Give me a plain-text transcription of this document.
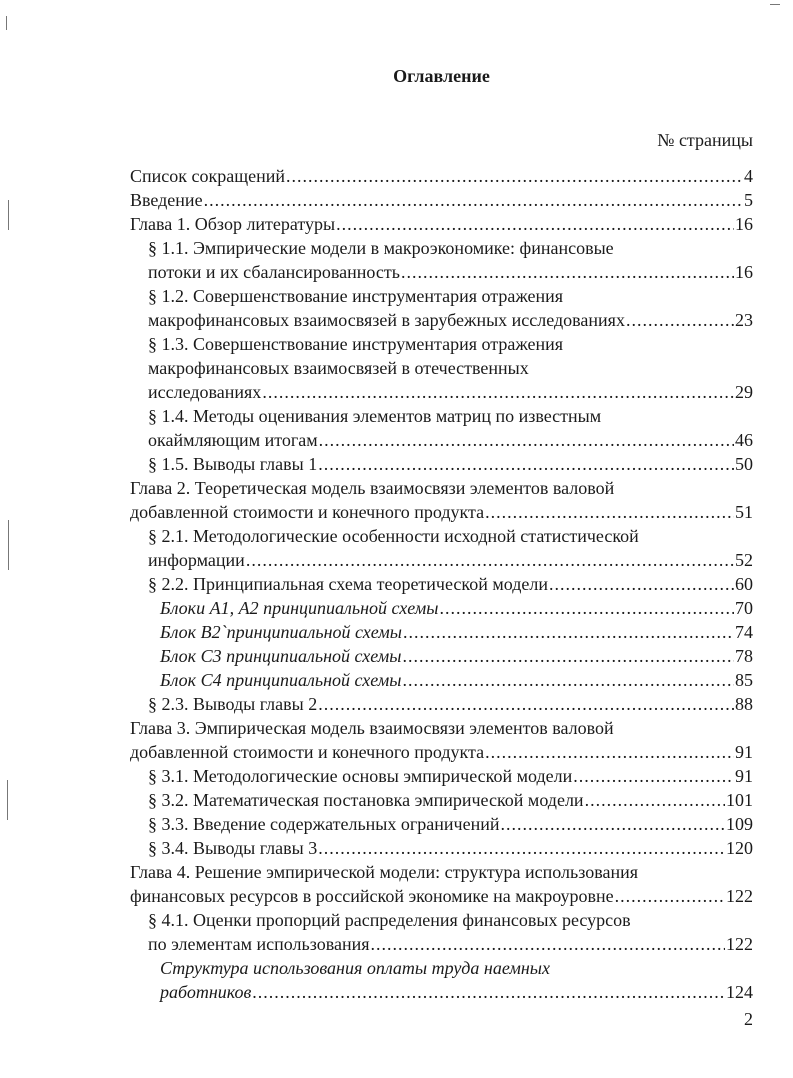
Оглавление
№ страницы
Список сокращений .....	4
Введение .....	5
Глава 1. Обзор литературы .....	16
§ 1.1. Эмпирические модели в макроэкономике: финансовые
потоки и их сбалансированность .....	16
§ 1.2. Совершенствование инструментария отражения
макрофинансовых взаимосвязей в зарубежных исследованиях .....	23
§ 1.3. Совершенствование инструментария отражения
макрофинансовых взаимосвязей в отечественных
исследованиях .....	29
§ 1.4. Методы оценивания элементов матриц по известным
окаймляющим итогам .....	46
§ 1.5. Выводы главы 1 .....	50
Глава 2. Теоретическая модель взаимосвязи элементов валовой
добавленной стоимости и конечного продукта .....	51
§ 2.1. Методологические особенности исходной статистической
информации .....	52
§ 2.2. Принципиальная схема теоретической модели .....	60
Блоки А1, А2 принципиальной схемы .....	70
Блок В2`принципиальной схемы .....	74
Блок С3 принципиальной схемы .....	78
Блок С4 принципиальной схемы .....	85
§ 2.3. Выводы главы 2 .....	88
Глава 3. Эмпирическая модель взаимосвязи элементов валовой
добавленной стоимости и конечного продукта .....	91
§ 3.1. Методологические основы эмпирической модели .....	91
§ 3.2. Математическая постановка эмпирической модели .....	101
§ 3.3. Введение содержательных ограничений .....	109
§ 3.4. Выводы главы 3 .....	120
Глава 4. Решение эмпирической модели: структура использования
финансовых ресурсов в российской экономике на макроуровне .....	122
§ 4.1. Оценки пропорций распределения финансовых ресурсов
по элементам использования .....	122
Структура использования оплаты труда наемных
работников .....	124
2
